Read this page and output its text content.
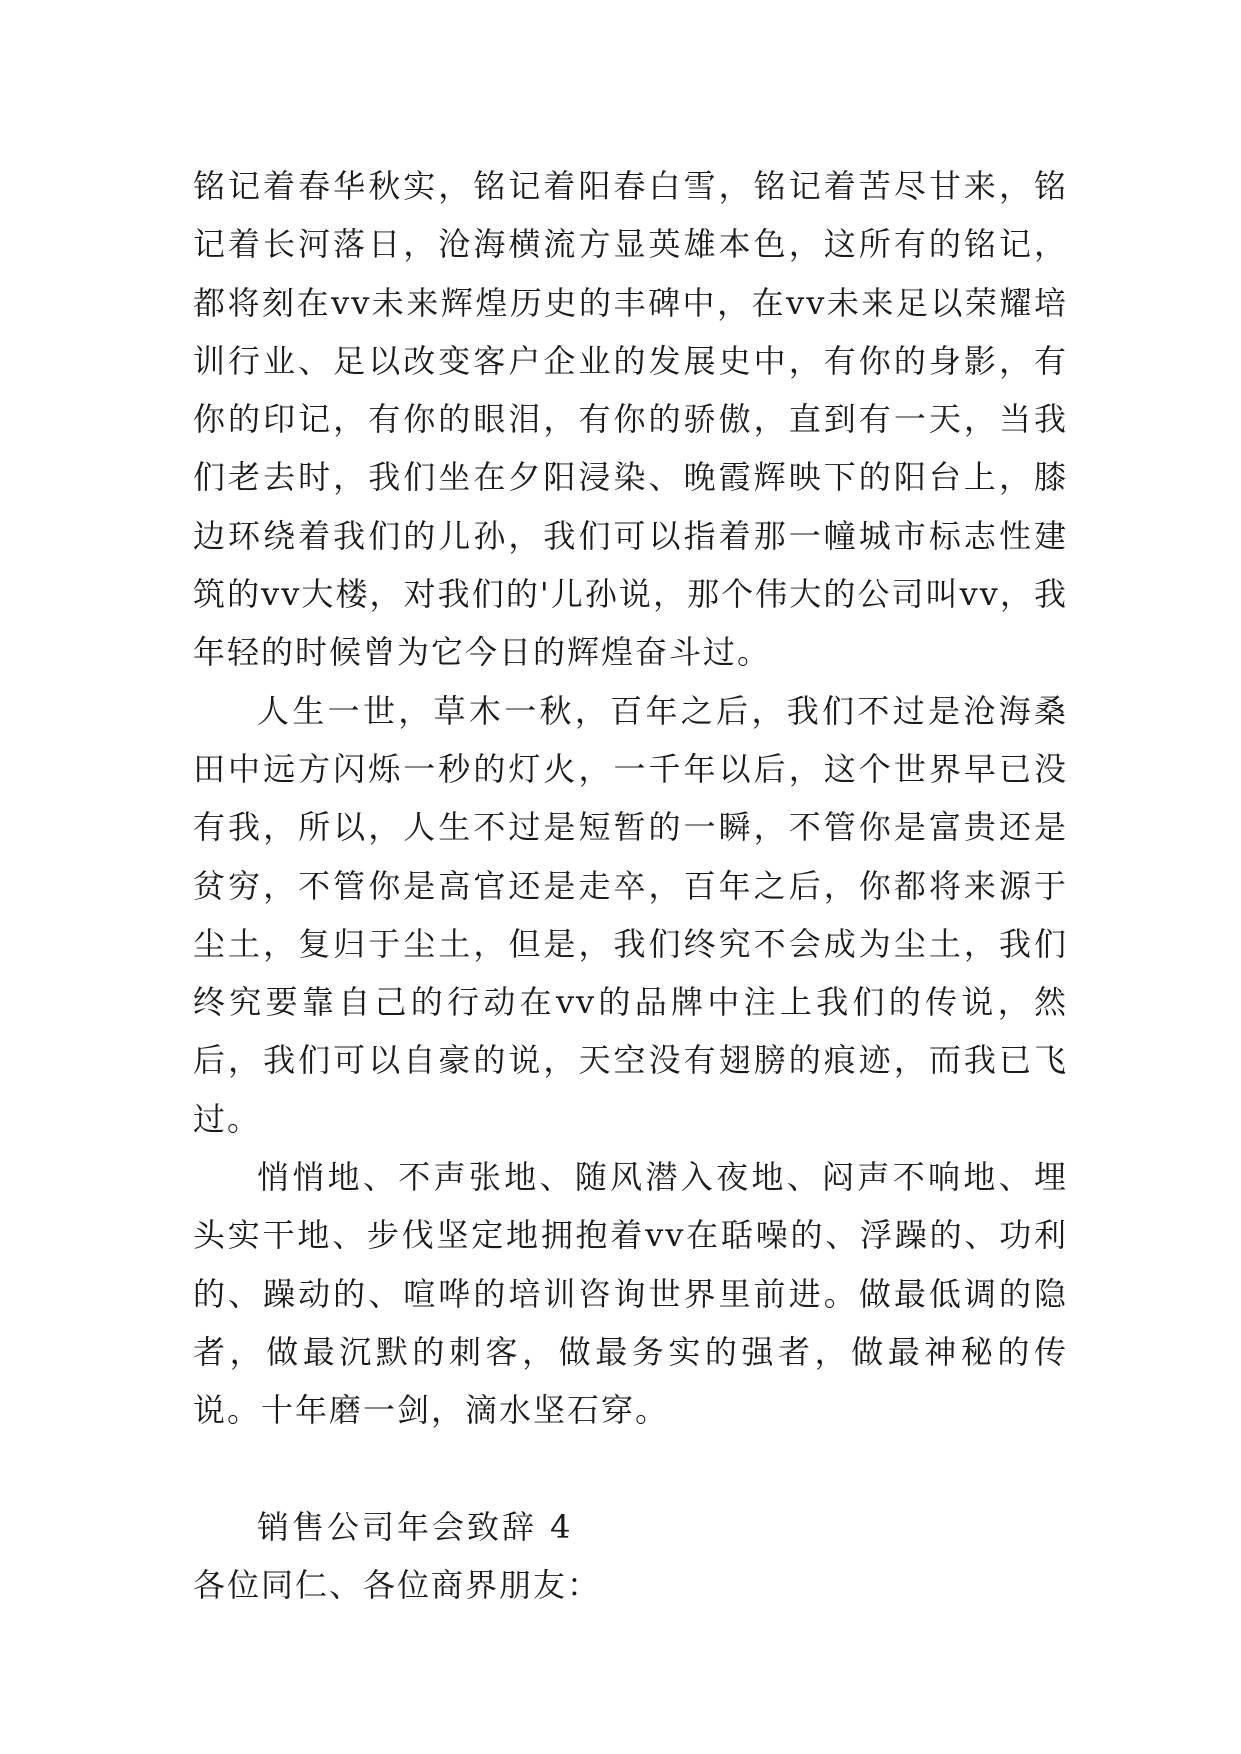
铭记着春华秋实，铭记着阳春白雪，铭记着苦尽甘来，铭记着长河落日，沧海横流方显英雄本色，这所有的铭记，都将刻在vv未来辉煌历史的丰碑中，在vv未来足以荣耀培训行业、足以改变客户企业的发展史中，有你的身影，有你的印记，有你的眼泪，有你的骄傲，直到有一天，当我们老去时，我们坐在夕阳浸染、晚霞辉映下的阳台上，膝边环绕着我们的儿孙，我们可以指着那一幢城市标志性建筑的vv大楼，对我们的'儿孙说，那个伟大的公司叫vv，我年轻的时候曾为它今日的辉煌奋斗过。

人生一世，草木一秋，百年之后，我们不过是沧海桑田中远方闪烁一秒的灯火，一千年以后，这个世界早已没有我，所以，人生不过是短暂的一瞬，不管你是富贵还是贫穷，不管你是高官还是走卒，百年之后，你都将来源于尘土，复归于尘土，但是，我们终究不会成为尘土，我们终究要靠自己的行动在vv的品牌中注上我们的传说，然后，我们可以自豪的说，天空没有翅膀的痕迹，而我已飞过。

悄悄地、不声张地、随风潜入夜地、闷声不响地、埋头实干地、步伐坚定地拥抱着vv在聒噪的、浮躁的、功利的、躁动的、喧哗的培训咨询世界里前进。做最低调的隐者，做最沉默的刺客，做最务实的强者，做最神秘的传说。十年磨一剑，滴水坚石穿。

销售公司年会致辞 4

各位同仁、各位商界朋友：
